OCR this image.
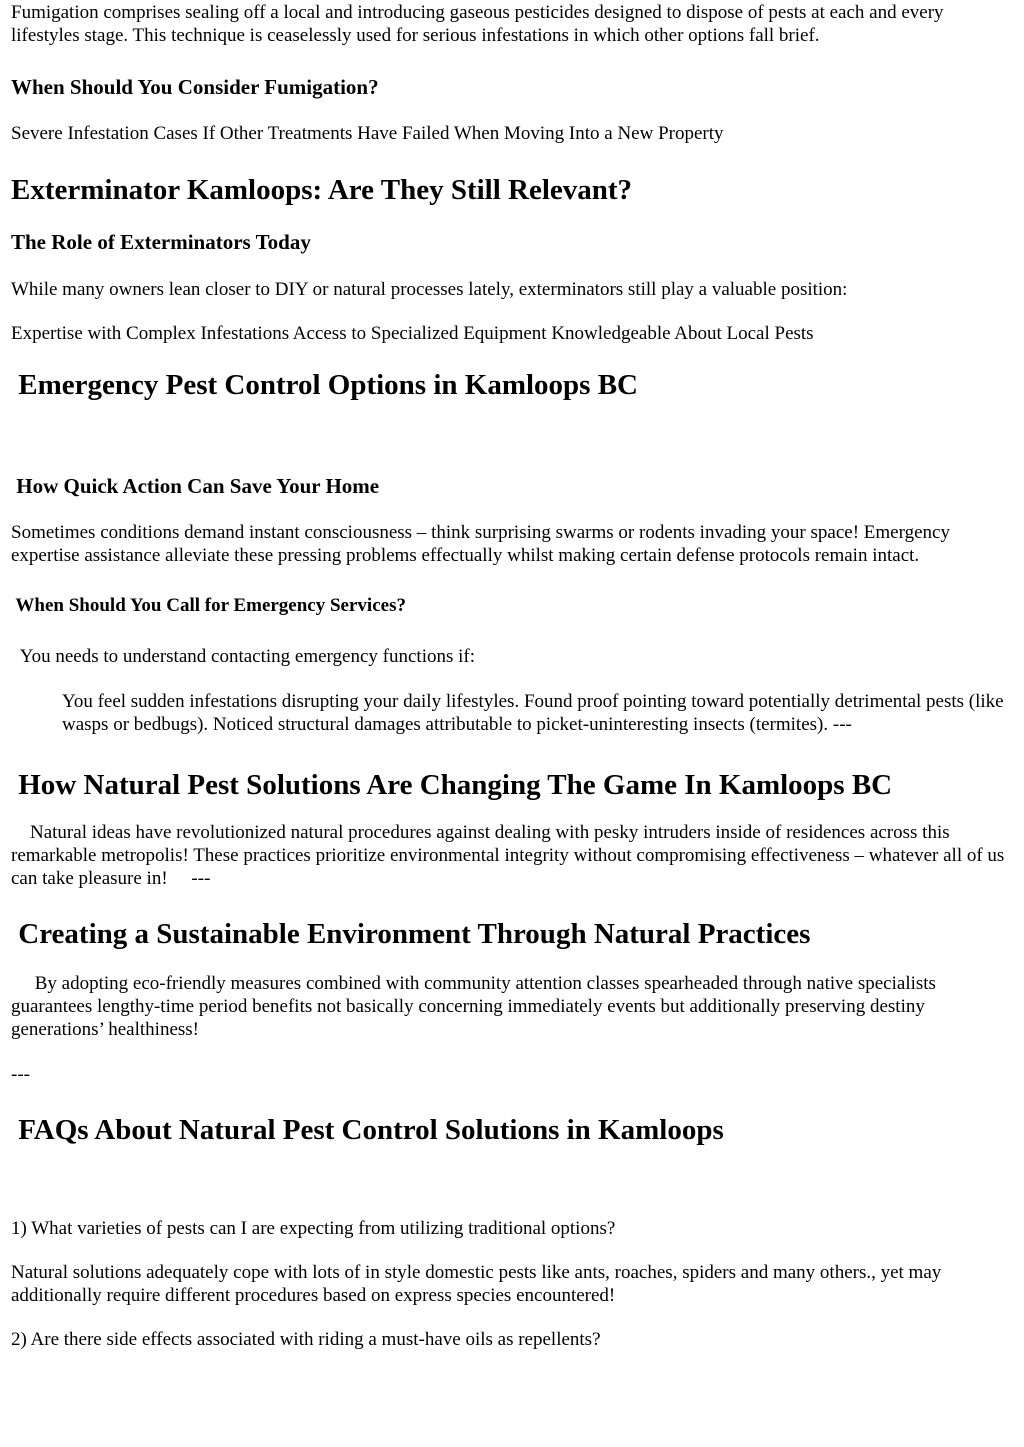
Fumigation comprises sealing off a local and introducing gaseous pesticides designed to dispose of pests at each and every lifestyles stage. This technique is ceaselessly used for serious infestations in which other options fall brief.

When Should You Consider Fumigation?

Severe Infestation Cases If Other Treatments Have Failed When Moving Into a New Property

Exterminator Kamloops: Are They Still Relevant?
The Role of Exterminators Today

While many owners lean closer to DIY or natural processes lately, exterminators still play a valuable position:

Expertise with Complex Infestations Access to Specialized Equipment Knowledgeable About Local Pests

Emergency Pest Control Options in Kamloops BC
How Quick Action Can Save Your Home

Sometimes conditions demand instant consciousness – think surprising swarms or rodents invading your space! Emergency expertise assistance alleviate these pressing problems effectually whilst making certain defense protocols remain intact.

When Should You Call for Emergency Services?

You needs to understand contacting emergency functions if:

You feel sudden infestations disrupting your daily lifestyles. Found proof pointing toward potentially detrimental pests (like wasps or bedbugs). Noticed structural damages attributable to picket-uninteresting insects (termites). ---

How Natural Pest Solutions Are Changing The Game In Kamloops BC

Natural ideas have revolutionized natural procedures against dealing with pesky intruders inside of residences across this remarkable metropolis! These practices prioritize environmental integrity without compromising effectiveness – whatever all of us can take pleasure in!     ---

Creating a Sustainable Environment Through Natural Practices

By adopting eco-friendly measures combined with community attention classes spearheaded through native specialists guarantees lengthy-time period benefits not basically concerning immediately events but additionally preserving destiny generations’ healthiness!

---

FAQs About Natural Pest Control Solutions in Kamloops

1) What varieties of pests can I are expecting from utilizing traditional options?

Natural solutions adequately cope with lots of in style domestic pests like ants, roaches, spiders and many others., yet may additionally require different procedures based on express species encountered!

2) Are there side effects associated with riding a must-have oils as repellents?
